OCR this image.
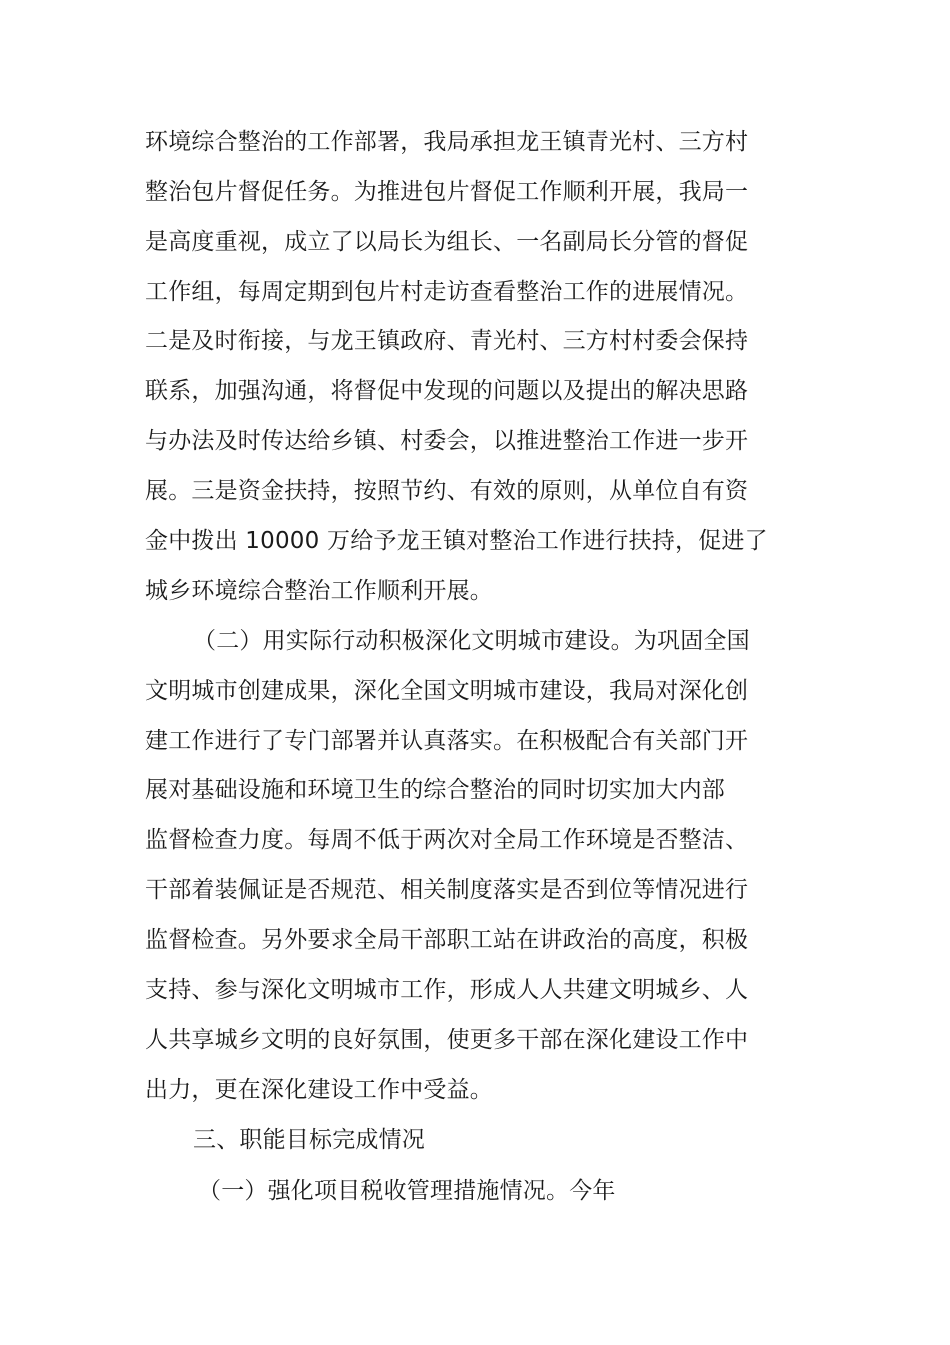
环境综合整治的工作部署，我局承担龙王镇青光村、三方村
整治包片督促任务。为推进包片督促工作顺利开展，我局一
是高度重视，成立了以局长为组长、一名副局长分管的督促
工作组，每周定期到包片村走访查看整治工作的进展情况。
二是及时衔接，与龙王镇政府、青光村、三方村村委会保持
联系，加强沟通，将督促中发现的问题以及提出的解决思路
与办法及时传达给乡镇、村委会，以推进整治工作进一步开
展。三是资金扶持，按照节约、有效的原则，从单位自有资
金中拨出 10000 万给予龙王镇对整治工作进行扶持，促进了
城乡环境综合整治工作顺利开展。
（二）用实际行动积极深化文明城市建设。为巩固全国
文明城市创建成果，深化全国文明城市建设，我局对深化创
建工作进行了专门部署并认真落实。在积极配合有关部门开
展对基础设施和环境卫生的综合整治的同时切实加大内部
监督检查力度。每周不低于两次对全局工作环境是否整洁、
干部着装佩证是否规范、相关制度落实是否到位等情况进行
监督检查。另外要求全局干部职工站在讲政治的高度，积极
支持、参与深化文明城市工作，形成人人共建文明城乡、人
人共享城乡文明的良好氛围，使更多干部在深化建设工作中
出力，更在深化建设工作中受益。
三、职能目标完成情况
（一）强化项目税收管理措施情况。今年
